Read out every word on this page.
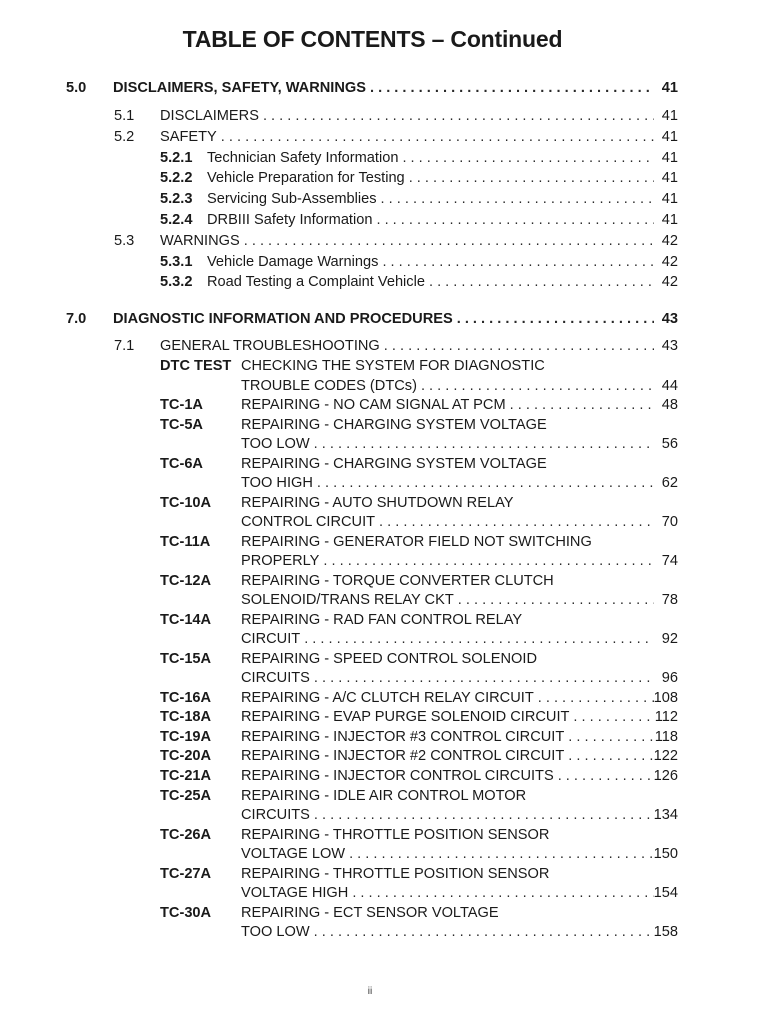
TABLE OF CONTENTS – Continued
5.0 DISCLAIMERS, SAFETY, WARNINGS . . .	41
5.1 DISCLAIMERS . . .	41
5.2 SAFETY . . .	41
5.2.1 Technician Safety Information . . .	41
5.2.2 Vehicle Preparation for Testing . . .	41
5.2.3 Servicing Sub-Assemblies . . .	41
5.2.4 DRBIII Safety Information . . .	41
5.3 WARNINGS . . .	42
5.3.1 Vehicle Damage Warnings . . .	42
5.3.2 Road Testing a Complaint Vehicle . . .	42
7.0 DIAGNOSTIC INFORMATION AND PROCEDURES . . .	43
7.1 GENERAL TROUBLESHOOTING . . .	43
DTC TEST CHECKING THE SYSTEM FOR DIAGNOSTIC
TROUBLE CODES (DTCs) . . .	44
TC-1A	REPAIRING - NO CAM SIGNAL AT PCM . . .	48
TC-5A	REPAIRING - CHARGING SYSTEM VOLTAGE
TOO LOW . . .	56
TC-6A	REPAIRING - CHARGING SYSTEM VOLTAGE
TOO HIGH . . .	62
TC-10A REPAIRING - AUTO SHUTDOWN RELAY
CONTROL CIRCUIT . . .	70
TC-11A REPAIRING - GENERATOR FIELD NOT SWITCHING
PROPERLY . . .	74
TC-12A REPAIRING - TORQUE CONVERTER CLUTCH
SOLENOID/TRANS RELAY CKT . . .	78
TC-14A REPAIRING - RAD FAN CONTROL RELAY
CIRCUIT . . .	92
TC-15A REPAIRING - SPEED CONTROL SOLENOID
CIRCUITS . . .	96
TC-16A REPAIRING - A/C CLUTCH RELAY CIRCUIT . . .	108
TC-18A REPAIRING - EVAP PURGE SOLENOID CIRCUIT . . .	112
TC-19A REPAIRING - INJECTOR #3 CONTROL CIRCUIT . . .	118
TC-20A REPAIRING - INJECTOR #2 CONTROL CIRCUIT . . .	122
TC-21A REPAIRING - INJECTOR CONTROL CIRCUITS . . .	126
TC-25A REPAIRING - IDLE AIR CONTROL MOTOR
CIRCUITS . . .	134
TC-26A REPAIRING - THROTTLE POSITION SENSOR
VOLTAGE LOW . . .	150
TC-27A REPAIRING - THROTTLE POSITION SENSOR
VOLTAGE HIGH . . .	154
TC-30A REPAIRING - ECT SENSOR VOLTAGE
TOO LOW . . .	158
ii
